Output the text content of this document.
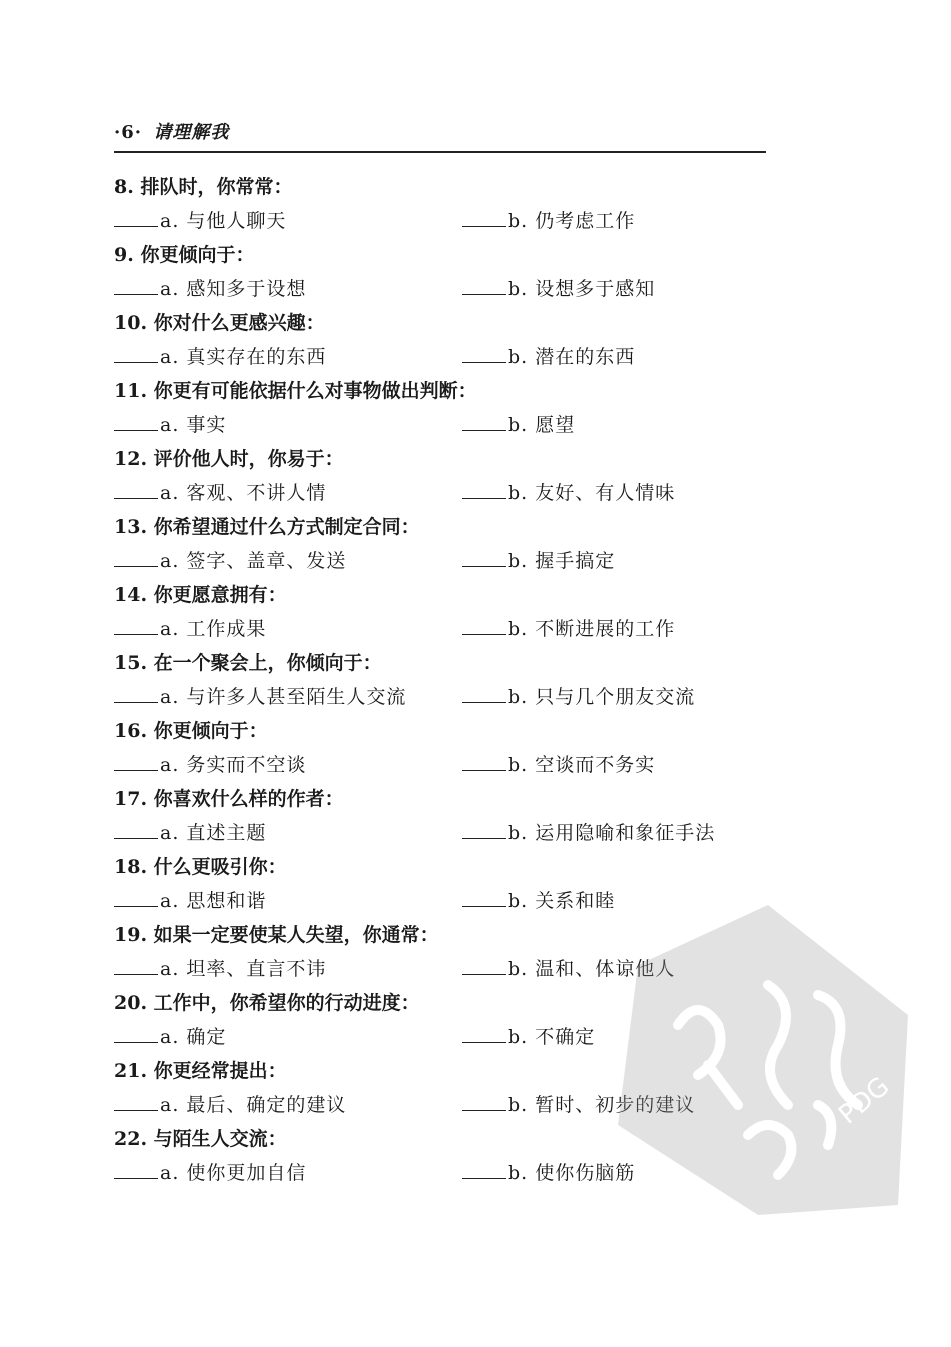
·6· 请理解我
8. 排队时，你常常：
a. 与他人聊天	b. 仍考虑工作
9. 你更倾向于：
a. 感知多于设想	b. 设想多于感知
10. 你对什么更感兴趣：
a. 真实存在的东西	b. 潜在的东西
11. 你更有可能依据什么对事物做出判断：
a. 事实	b. 愿望
12. 评价他人时，你易于：
a. 客观、不讲人情	b. 友好、有人情味
13. 你希望通过什么方式制定合同：
a. 签字、盖章、发送	b. 握手搞定
14. 你更愿意拥有：
a. 工作成果	b. 不断进展的工作
15. 在一个聚会上，你倾向于：
a. 与许多人甚至陌生人交流	b. 只与几个朋友交流
16. 你更倾向于：
a. 务实而不空谈	b. 空谈而不务实
17. 你喜欢什么样的作者：
a. 直述主题	b. 运用隐喻和象征手法
18. 什么更吸引你：
a. 思想和谐	b. 关系和睦
19. 如果一定要使某人失望，你通常：
a. 坦率、直言不讳	b. 温和、体谅他人
20. 工作中，你希望你的行动进度：
a. 确定	b. 不确定
21. 你更经常提出：
a. 最后、确定的建议	b. 暂时、初步的建议
22. 与陌生人交流：
a. 使你更加自信	b. 使你伤脑筋
PDG
